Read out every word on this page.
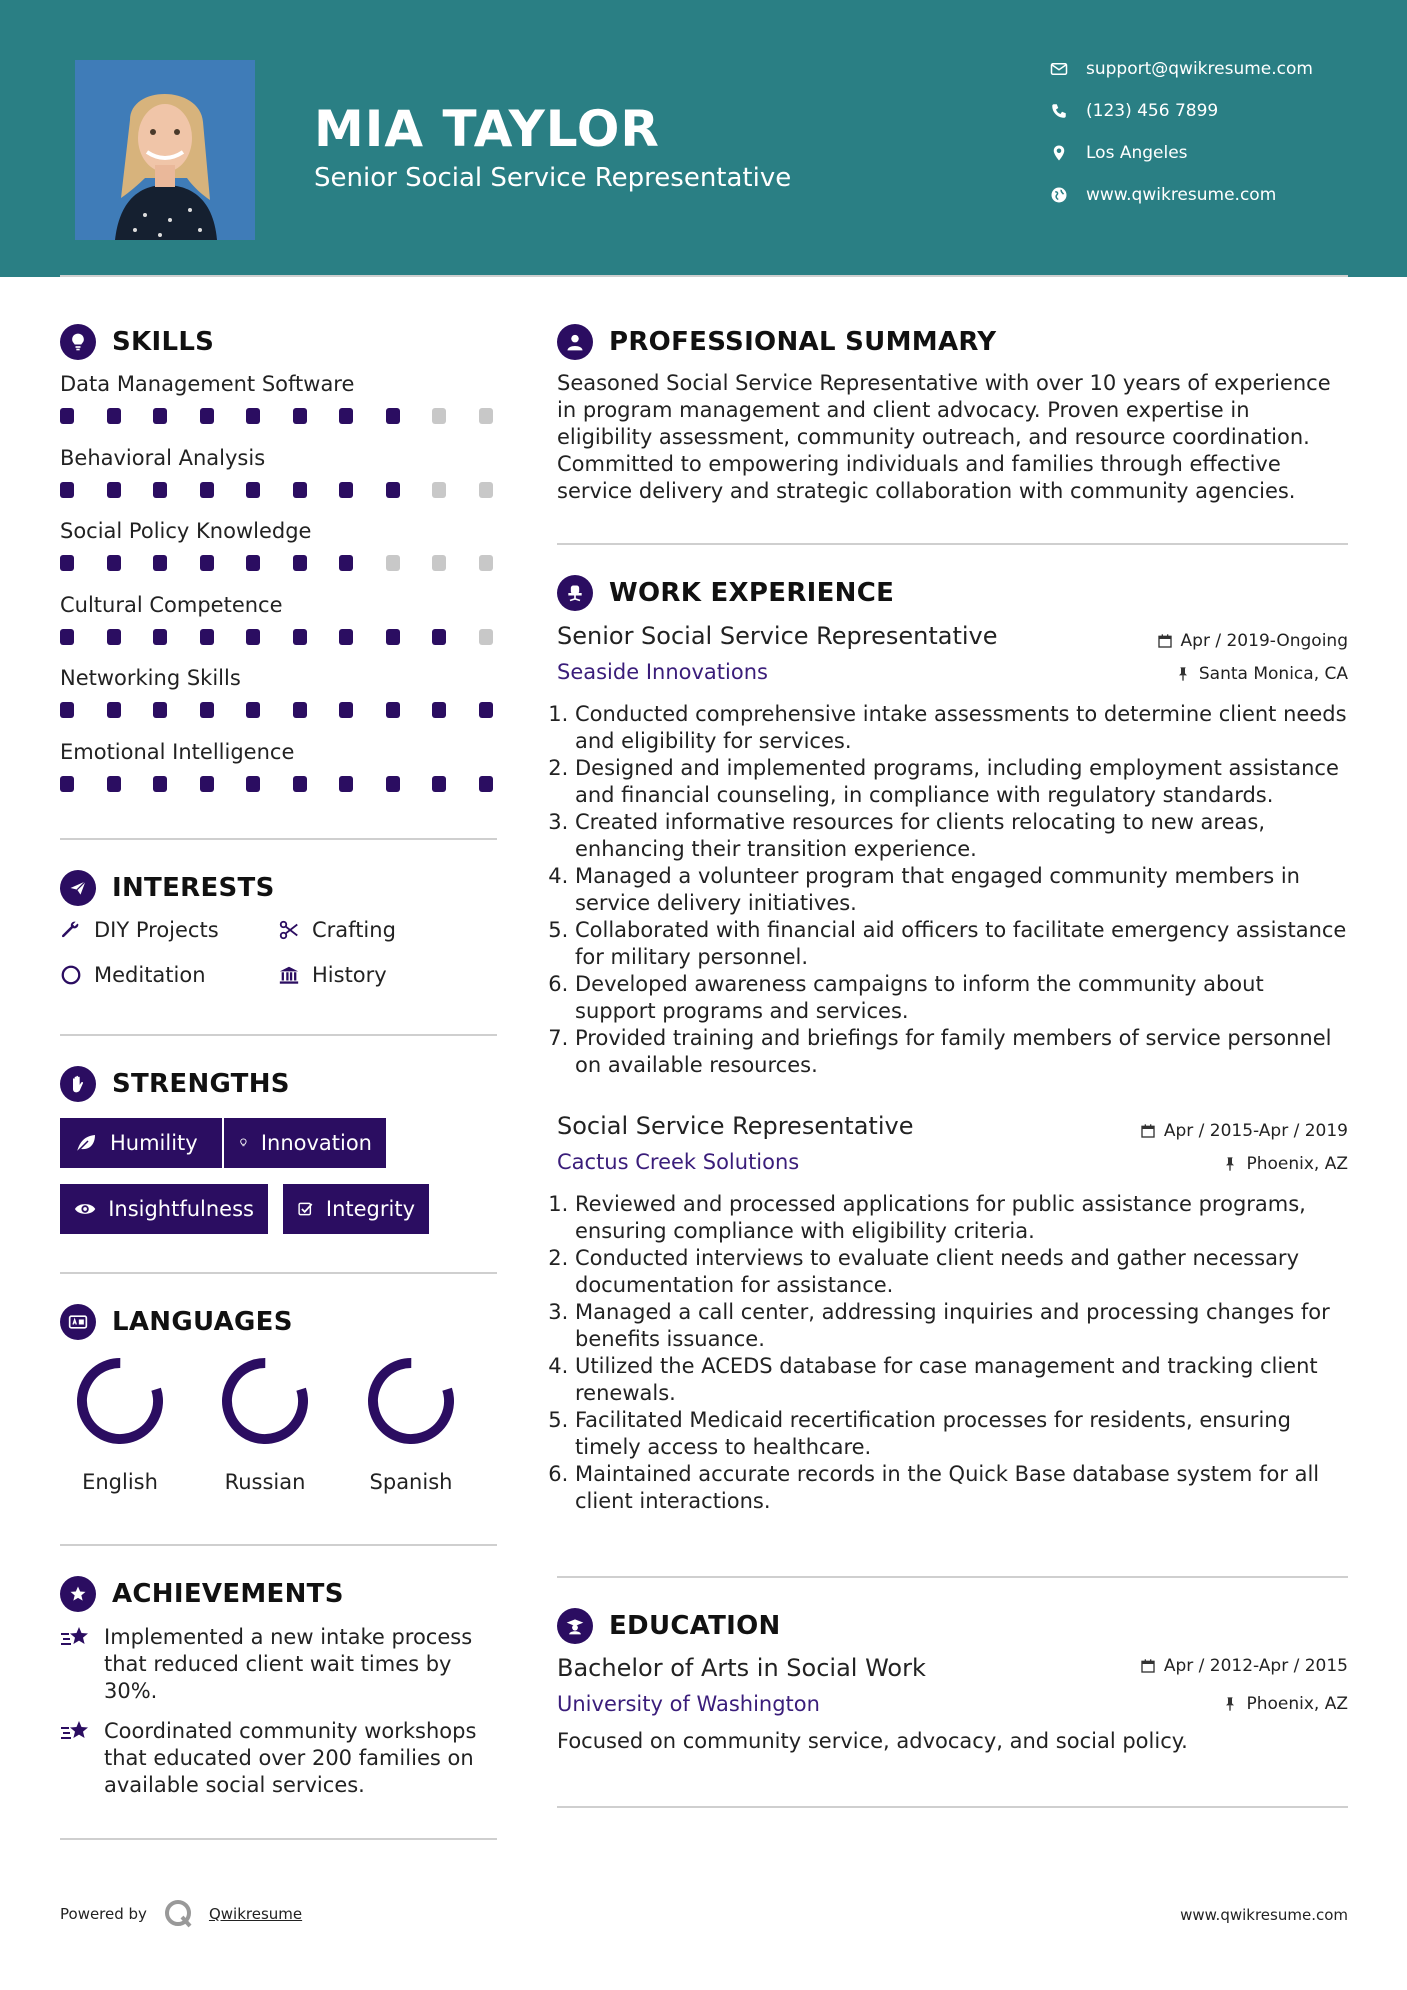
MIA TAYLOR
Senior Social Service Representative
support@qwikresume.com
(123) 456 7899
Los Angeles
www.qwikresume.com
SKILLS
Data Management Software
Behavioral Analysis
Social Policy Knowledge
Cultural Competence
Networking Skills
Emotional Intelligence
INTERESTS
DIY Projects	Crafting
Meditation	History
STRENGTHS
Humility	Innovation
Insightfulness	Integrity
LANGUAGES
English	Russian	Spanish
ACHIEVEMENTS
Implemented a new intake process that reduced client wait times by 30%.
Coordinated community workshops that educated over 200 families on available social services.
PROFESSIONAL SUMMARY
Seasoned Social Service Representative with over 10 years of experience in program management and client advocacy. Proven expertise in eligibility assessment, community outreach, and resource coordination. Committed to empowering individuals and families through effective service delivery and strategic collaboration with community agencies.
WORK EXPERIENCE
Senior Social Service Representative	Apr / 2019-Ongoing
Seaside Innovations	Santa Monica, CA
1. Conducted comprehensive intake assessments to determine client needs and eligibility for services.
2. Designed and implemented programs, including employment assistance and financial counseling, in compliance with regulatory standards.
3. Created informative resources for clients relocating to new areas, enhancing their transition experience.
4. Managed a volunteer program that engaged community members in service delivery initiatives.
5. Collaborated with financial aid officers to facilitate emergency assistance for military personnel.
6. Developed awareness campaigns to inform the community about support programs and services.
7. Provided training and briefings for family members of service personnel on available resources.
Social Service Representative	Apr / 2015-Apr / 2019
Cactus Creek Solutions	Phoenix, AZ
1. Reviewed and processed applications for public assistance programs, ensuring compliance with eligibility criteria.
2. Conducted interviews to evaluate client needs and gather necessary documentation for assistance.
3. Managed a call center, addressing inquiries and processing changes for benefits issuance.
4. Utilized the ACEDS database for case management and tracking client renewals.
5. Facilitated Medicaid recertification processes for residents, ensuring timely access to healthcare.
6. Maintained accurate records in the Quick Base database system for all client interactions.
EDUCATION
Bachelor of Arts in Social Work	Apr / 2012-Apr / 2015
University of Washington	Phoenix, AZ
Focused on community service, advocacy, and social policy.
Powered by	Qwikresume	www.qwikresume.com
